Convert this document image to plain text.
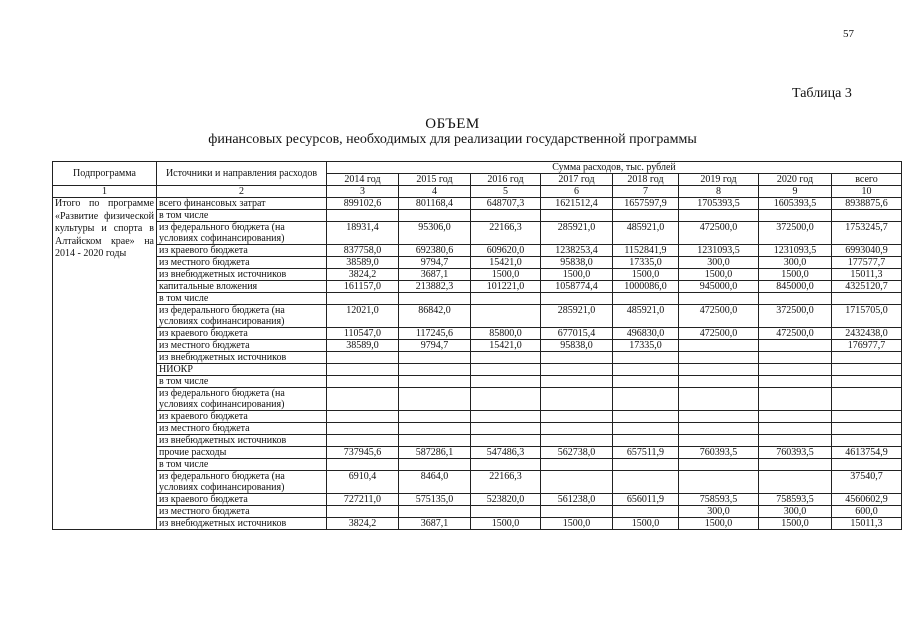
57
Таблица 3
ОБЪЕМ
финансовых ресурсов, необходимых для реализации государственной программы
Подпрограмма	Источники и направления расходов	Сумма расходов, тыс. рублей							
		2014 год	2015 год	2016 год	2017 год	2018 год	2019 год	2020 год	всего
1	2	3	4	5	6	7	8	9	10
Итого по программе «Развитие физической культуры и спорта в Алтайском крае» на 2014 - 2020 годы	всего финансовых затрат	899102,6	801168,4	648707,3	1621512,4	1657597,9	1705393,5	1605393,5	8938875,6
	в том числе								
	из федерального бюджета (на условиях софинансирования)	18931,4	95306,0	22166,3	285921,0	485921,0	472500,0	372500,0	1753245,7
	из краевого бюджета	837758,0	692380,6	609620,0	1238253,4	1152841,9	1231093,5	1231093,5	6993040,9
	из местного бюджета	38589,0	9794,7	15421,0	95838,0	17335,0	300,0	300,0	177577,7
	из внебюджетных источников	3824,2	3687,1	1500,0	1500,0	1500,0	1500,0	1500,0	15011,3
	капитальные вложения	161157,0	213882,3	101221,0	1058774,4	1000086,0	945000,0	845000,0	4325120,7
	в том числе								
	из федерального бюджета (на условиях софинансирования)	12021,0	86842,0		285921,0	485921,0	472500,0	372500,0	1715705,0
	из краевого бюджета	110547,0	117245,6	85800,0	677015,4	496830,0	472500,0	472500,0	2432438,0
	из местного бюджета	38589,0	9794,7	15421,0	95838,0	17335,0			176977,7
	из внебюджетных источников								
	НИОКР								
	в том числе								
	из федерального бюджета (на условиях софинансирования)								
	из краевого бюджета								
	из местного бюджета								
	из внебюджетных источников								
	прочие расходы	737945,6	587286,1	547486,3	562738,0	657511,9	760393,5	760393,5	4613754,9
	в том числе								
	из федерального бюджета (на условиях софинансирования)	6910,4	8464,0	22166,3					37540,7
	из краевого бюджета	727211,0	575135,0	523820,0	561238,0	656011,9	758593,5	758593,5	4560602,9
	из местного бюджета						300,0	300,0	600,0
	из внебюджетных источников	3824,2	3687,1	1500,0	1500,0	1500,0	1500,0	1500,0	15011,3
